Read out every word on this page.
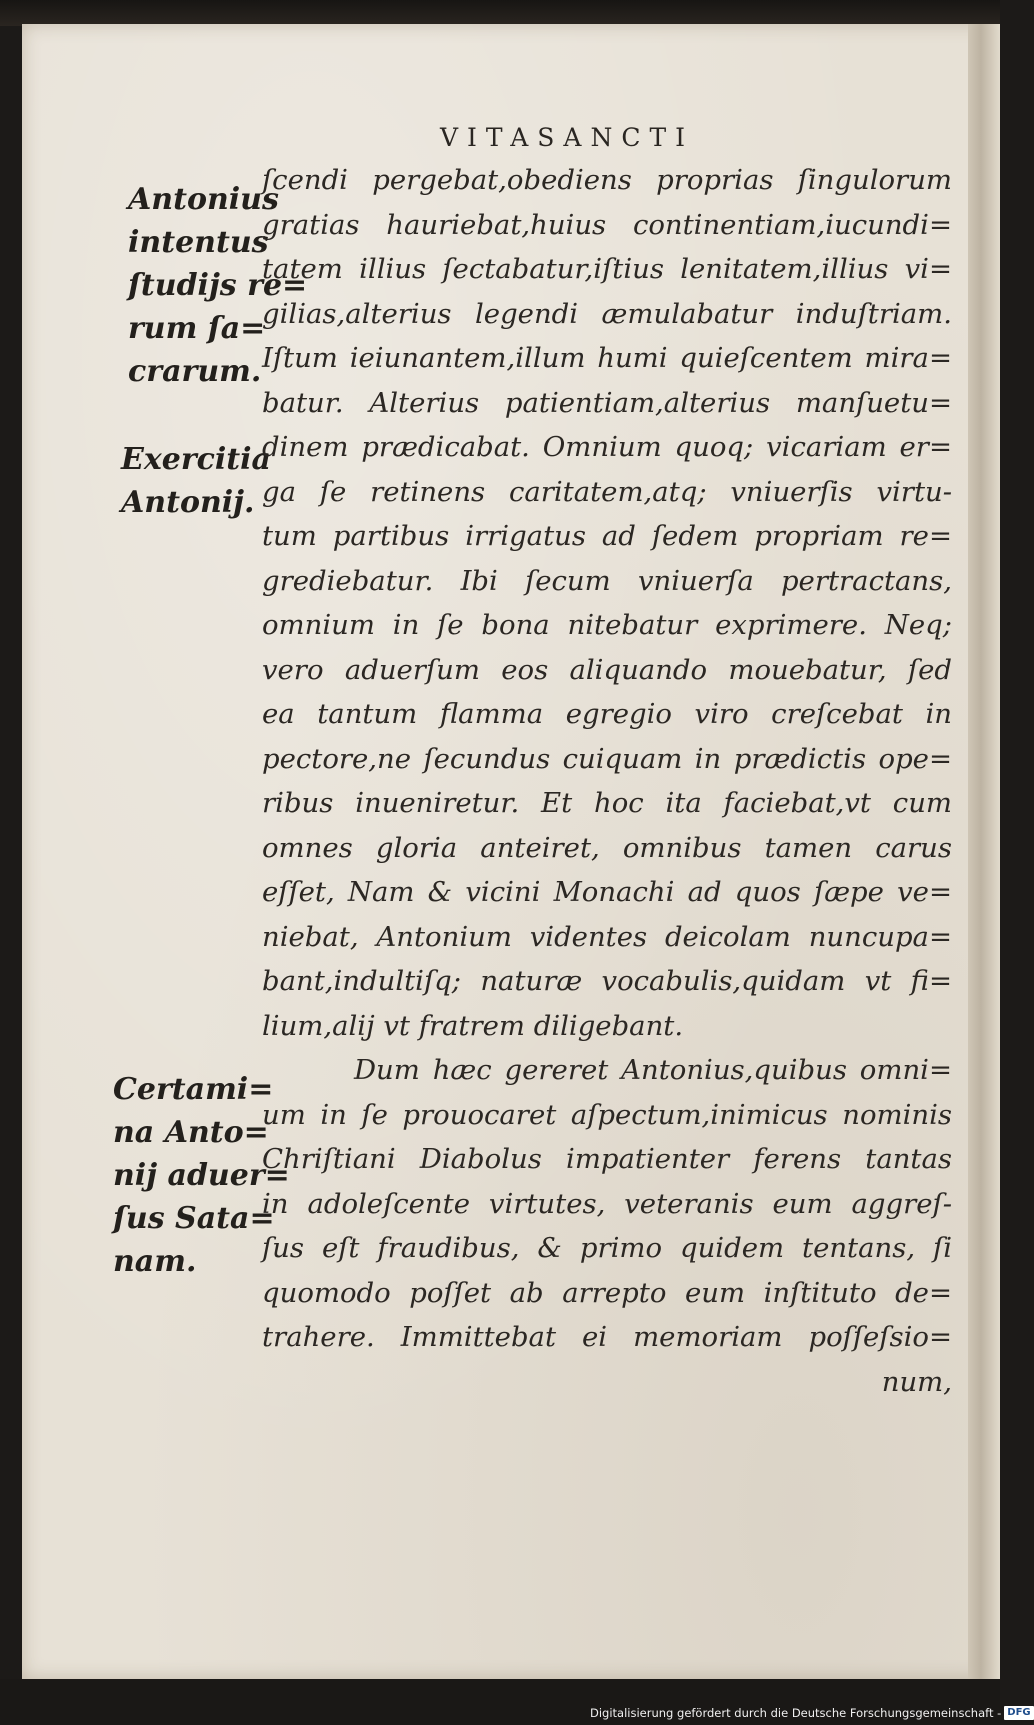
VITASANCTI
Antonius
intentus
ſtudijs re=
rum ſa=
crarum.
Exercitia
Antonij.
Certami=
na Anto=
nij aduer=
ſus Sata=
nam.
ſcendi pergebat,obediens proprias ſingulorum
gratias hauriebat,huius continentiam,iucundi=
tatem illius ſectabatur,iſtius lenitatem,illius vi=
gilias,alterius legendi æmulabatur induſtriam.
Iſtum ieiunantem,illum humi quieſcentem mira=
batur. Alterius patientiam,alterius manſuetu=
dinem prædicabat. Omnium quoq; vicariam er=
ga ſe retinens caritatem,atq; vniuerſis virtu-
tum partibus irrigatus ad ſedem propriam re=
grediebatur. Ibi ſecum vniuerſa pertractans,
omnium in ſe bona nitebatur exprimere. Neq;
vero aduerſum eos aliquando mouebatur, ſed
ea tantum flamma egregio viro creſcebat in
pectore,ne ſecundus cuiquam in prædictis ope=
ribus inueniretur. Et hoc ita faciebat,vt cum
omnes gloria anteiret, omnibus tamen carus
eſſet, Nam & vicini Monachi ad quos ſæpe ve=
niebat, Antonium videntes deicolam nuncupa=
bant,indultiſq; naturæ vocabulis,quidam vt fi=
lium,alij vt fratrem diligebant.
Dum hæc gereret Antonius,quibus omni=
um in ſe prouocaret aſpectum,inimicus nominis
Chriſtiani Diabolus impatienter ferens tantas
in adoleſcente virtutes, veteranis eum aggreſ-
ſus eſt fraudibus, & primo quidem tentans, ſi
quomodo poſſet ab arrepto eum inſtituto de=
trahere. Immittebat ei memoriam poſſeſsio=
num,
Digitalisierung gefördert durch die Deutsche Forschungsgemeinschaft - DFG
